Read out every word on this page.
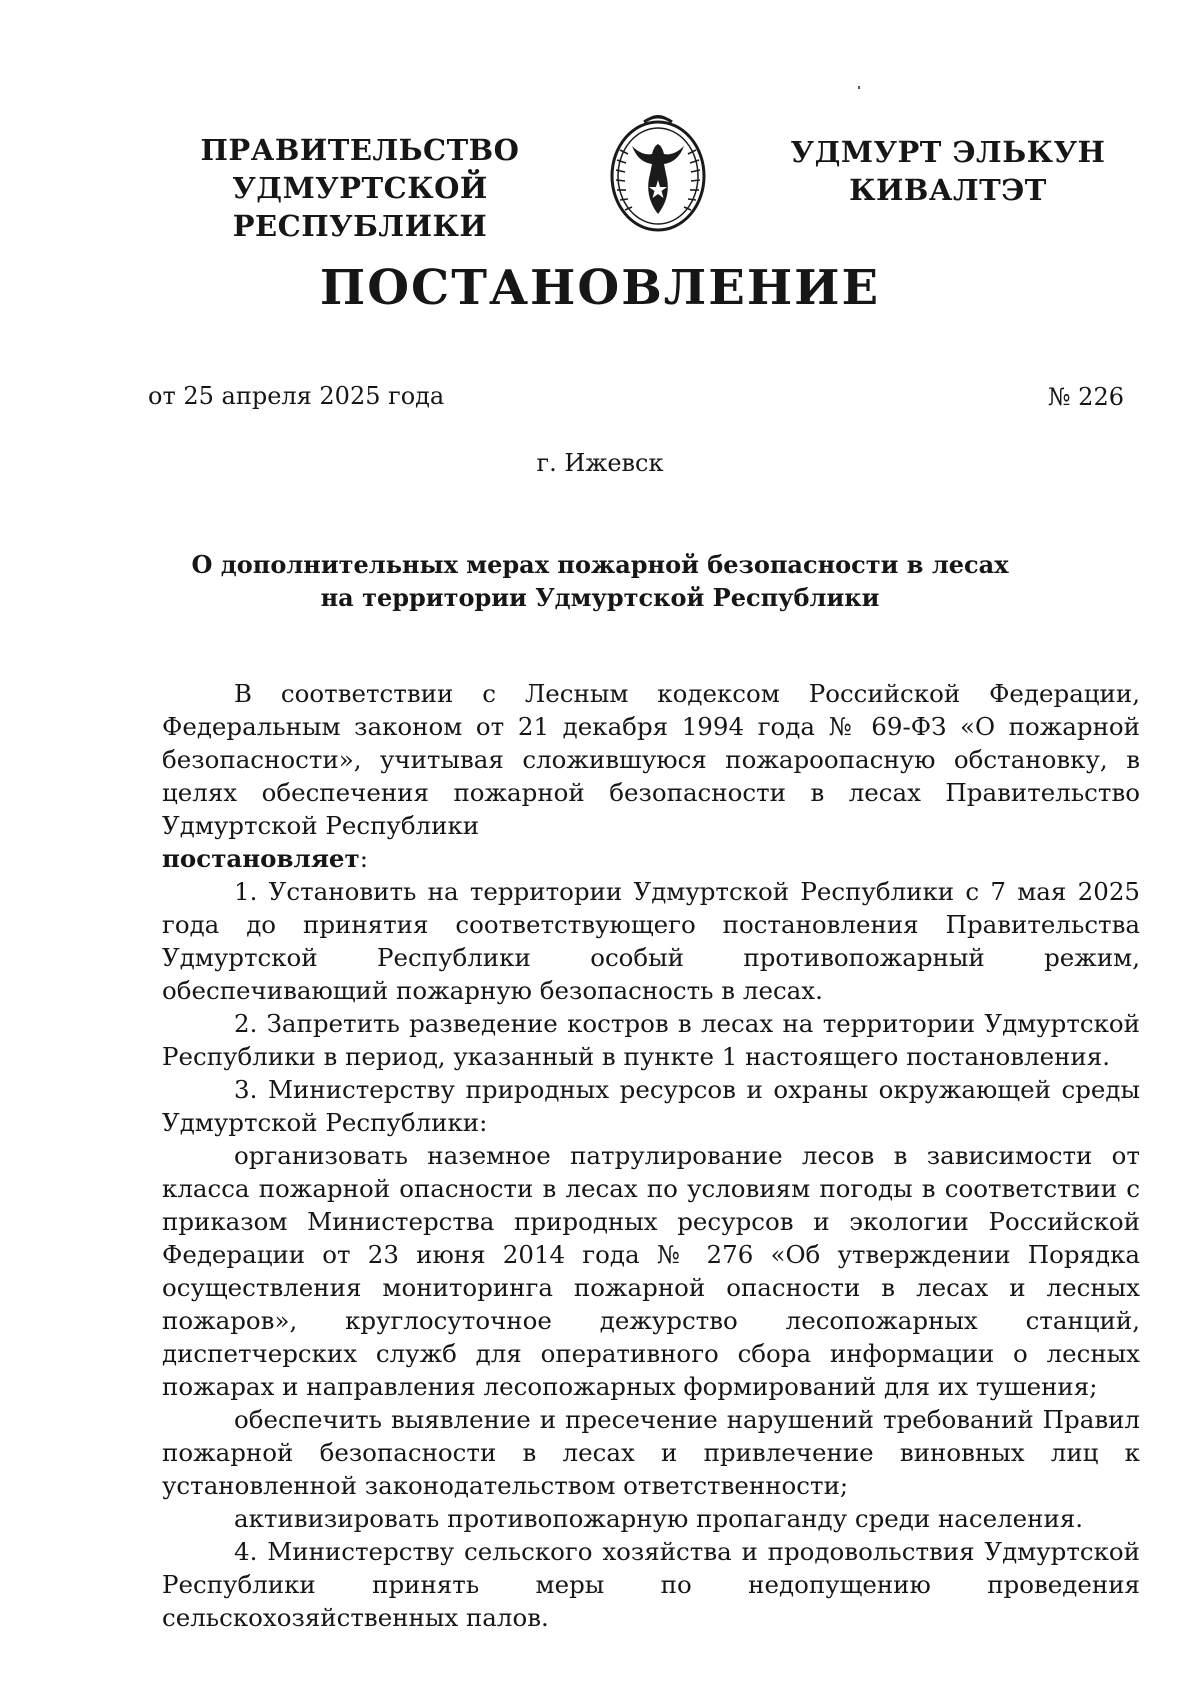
ПРАВИТЕЛЬСТВО
УДМУРТСКОЙ РЕСПУБЛИКИ
УДМУРТ ЭЛЬКУН
КИВАЛТЭТ
ПОСТАНОВЛЕНИЕ
от 25 апреля 2025 года	№ 226
г. Ижевск
О дополнительных мерах пожарной безопасности в лесах
на территории Удмуртской Республики

В соответствии с Лесным кодексом Российской Федерации, Федеральным законом от 21 декабря 1994 года № 69-ФЗ «О пожарной безопасности», учитывая сложившуюся пожароопасную обстановку, в целях обеспечения пожарной безопасности в лесах Правительство Удмуртской Республики

постановляет:

1. Установить на территории Удмуртской Республики с 7 мая 2025 года до принятия соответствующего постановления Правительства Удмуртской Республики особый противопожарный режим, обеспечивающий пожарную безопасность в лесах.

2. Запретить разведение костров в лесах на территории Удмуртской Республики в период, указанный в пункте 1 настоящего постановления.

3. Министерству природных ресурсов и охраны окружающей среды Удмуртской Республики:

организовать наземное патрулирование лесов в зависимости от класса пожарной опасности в лесах по условиям погоды в соответствии с приказом Министерства природных ресурсов и экологии Российской Федерации от 23 июня 2014 года № 276 «Об утверждении Порядка осуществления мониторинга пожарной опасности в лесах и лесных пожаров», круглосуточное дежурство лесопожарных станций, диспетчерских служб для оперативного сбора информации о лесных пожарах и направления лесопожарных формирований для их тушения;

обеспечить выявление и пресечение нарушений требований Правил пожарной безопасности в лесах и привлечение виновных лиц к установленной законодательством ответственности;

активизировать противопожарную пропаганду среди населения.

4. Министерству сельского хозяйства и продовольствия Удмуртской Республики принять меры по недопущению проведения сельскохозяйственных палов.
